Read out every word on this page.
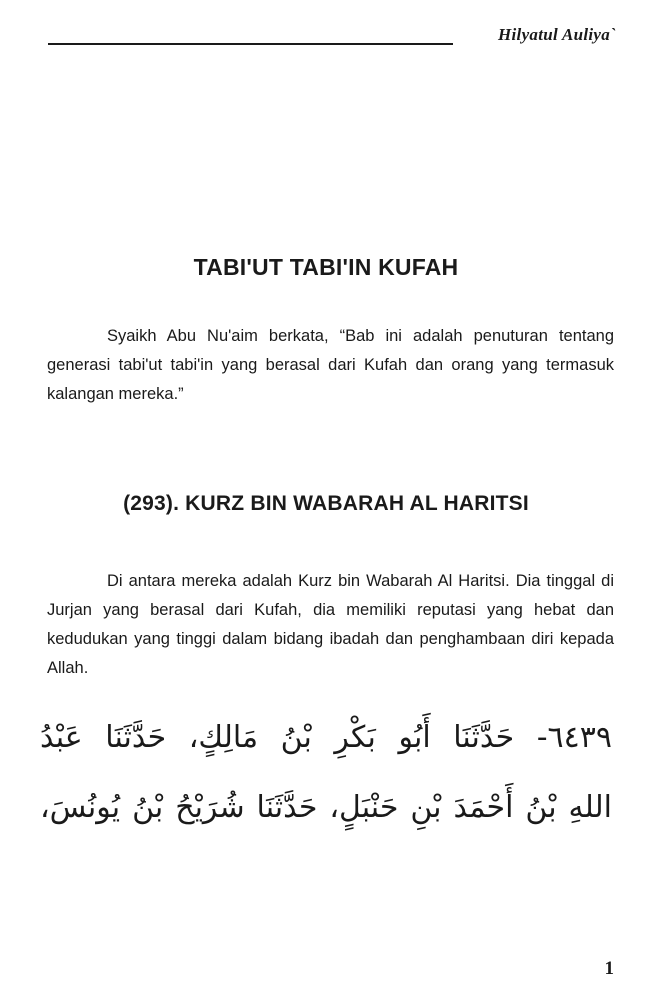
Hilyatul Auliya`
TABI'UT TABI'IN KUFAH

Syaikh Abu Nu'aim berkata, “Bab ini adalah penuturan tentang generasi tabi'ut tabi'in yang berasal dari Kufah dan orang yang termasuk kalangan mereka.”

(293). KURZ BIN WABARAH AL HARITSI

Di antara mereka adalah Kurz bin Wabarah Al Haritsi. Dia tinggal di Jurjan yang berasal dari Kufah, dia memiliki reputasi yang hebat dan kedudukan yang tinggi dalam bidang ibadah dan penghambaan diri kepada Allah.

٦٤٣٩- حَدَّثَنَا أَبُو بَكْرِ بْنُ مَالِكٍ، حَدَّثَنَا عَبْدُ
اللهِ بْنُ أَحْمَدَ بْنِ حَنْبَلٍ، حَدَّثَنَا شُرَيْحُ بْنُ يُونُسَ،
1
